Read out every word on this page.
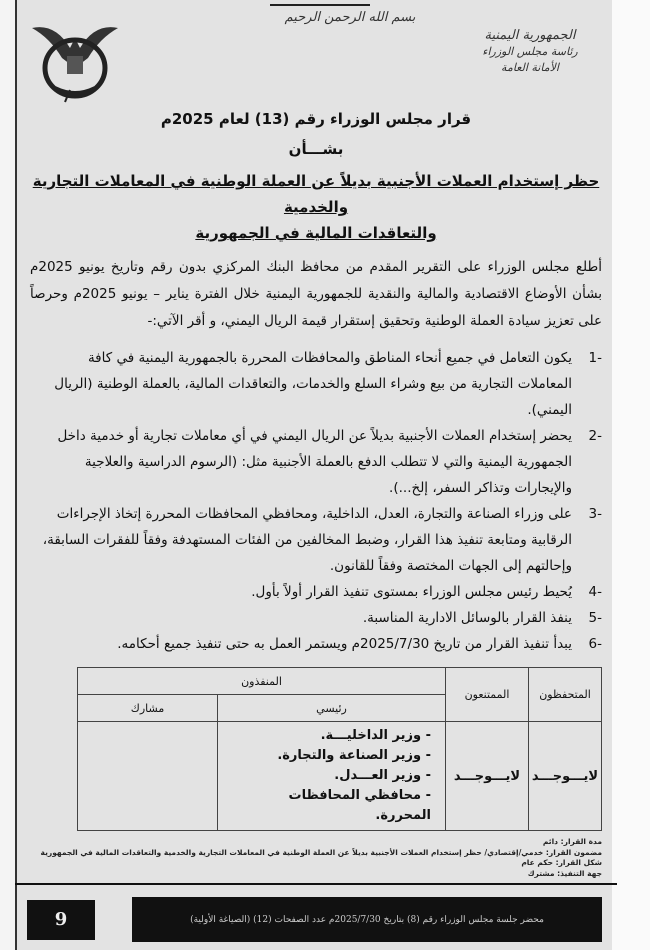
بسم الله الرحمن الرحيم
الجمهورية اليمنية
رئاسة مجلس الوزراء
الأمانة العامة
قرار مجلس الوزراء رقم (13) لعام 2025م
بشـــأن
حظر إستخدام العملات الأجنبية بديلاً عن العملة الوطنية في المعاملات التجارية والخدمية
والتعاقدات المالية في الجمهورية
أطلع مجلس الوزراء على التقرير المقدم من محافظ البنك المركزي بدون رقم وتاريخ يونيو 2025م بشأن الأوضاع الاقتصادية والمالية والنقدية للجمهورية اليمنية خلال الفترة يناير – يونيو 2025م وحرصاً على تعزيز سيادة العملة الوطنية وتحقيق إستقرار قيمة الريال اليمني، و أقر الآتي:-
-1
يكون التعامل في جميع أنحاء المناطق والمحافظات المحررة بالجمهورية اليمنية في كافة المعاملات التجارية من بيع وشراء السلع والخدمات، والتعاقدات المالية، بالعملة الوطنية (الريال اليمني).
-2
يحضر إستخدام العملات الأجنبية بديلاً عن الريال اليمني في أي معاملات تجارية أو خدمية داخل الجمهورية اليمنية والتي لا تتطلب الدفع بالعملة الأجنبية مثل: (الرسوم الدراسية والعلاجية والإيجارات وتذاكر السفر، إلخ...).
-3
على وزراء الصناعة والتجارة، العدل، الداخلية، ومحافظي المحافظات المحررة إتخاذ الإجراءات الرقابية ومتابعة تنفيذ هذا القرار، وضبط المخالفين من الفئات المستهدفة وفقاً للفقرات السابقة، وإحالتهم إلى الجهات المختصة وفقاً للقانون.
-4
يُحيط رئيس مجلس الوزراء بمستوى تنفيذ القرار أولاً بأول.
-5
ينفذ القرار بالوسائل الادارية المناسبة.
-6
يبدأ تنفيذ القرار من تاريخ 2025/7/30م ويستمر العمل به حتى تنفيذ جميع أحكامه.
المتحفظون	الممتنعون	المنفذون	
		رئيسي	مشارك
لايـــوجـــد	لايـــوجـــد	- وزير الداخليـــة.
- وزير الصناعة والتجارة.
- وزير العـــدل.
- محافظي المحافظات المحررة.	

مدة القرار: دائم
مضمون القرار: خدمي/إقتصادي/ حظر إستخدام العملات الأجنبية بديلاً عن العملة الوطنية في المعاملات التجارية والخدمية والتعاقدات المالية في الجمهورية
شكل القرار: حكم عام
جهة التنفيذ: مشترك
9	محضر جلسة مجلس الوزراء رقم (8) بتاريخ 2025/7/30م عدد الصفحات (12) (الصياغة الأولية)
